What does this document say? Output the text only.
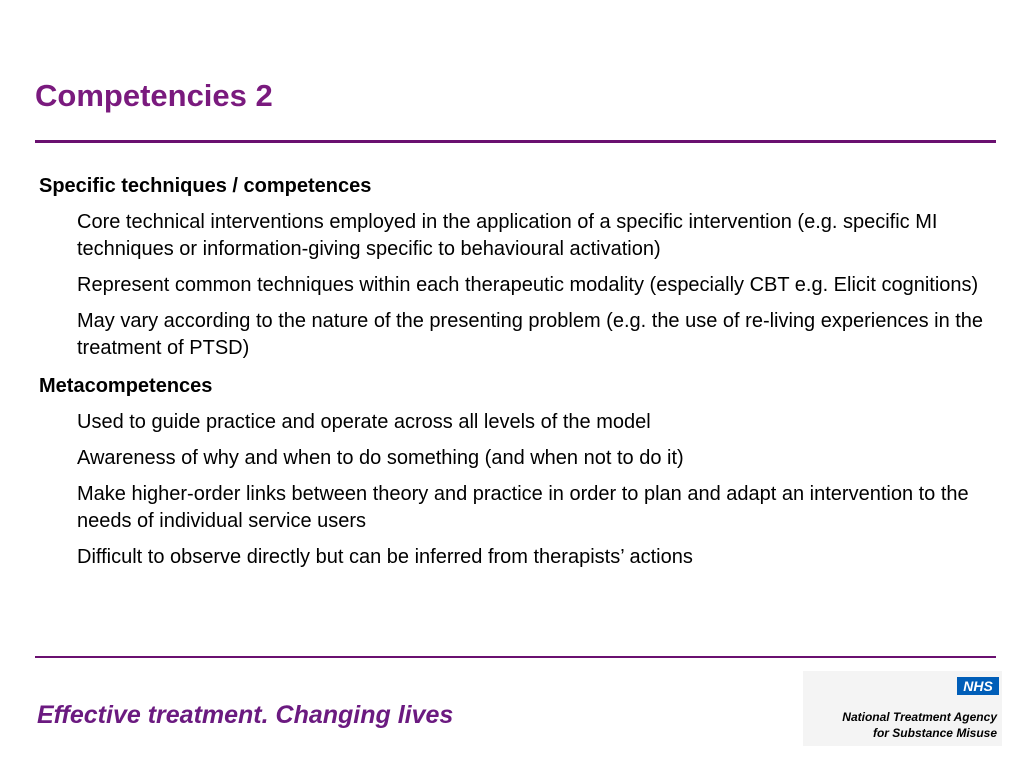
Competencies 2

Specific techniques / competences

Core technical interventions employed in the application of a specific intervention (e.g. specific MI techniques or information-giving specific to behavioural activation)

Represent common techniques within each therapeutic modality (especially CBT e.g. Elicit cognitions)

May vary according to the nature of the presenting problem (e.g. the use of re-living experiences in the treatment of PTSD)

Metacompetences

Used to guide practice and operate across all levels of the model

Awareness of why and when to do something (and when not to do it)

Make higher-order links between theory and practice in order to plan and adapt an intervention to the needs of individual service users

Difficult to observe directly but can be inferred from therapists’ actions

Effective treatment. Changing lives
NHS
National Treatment Agency
for Substance Misuse
